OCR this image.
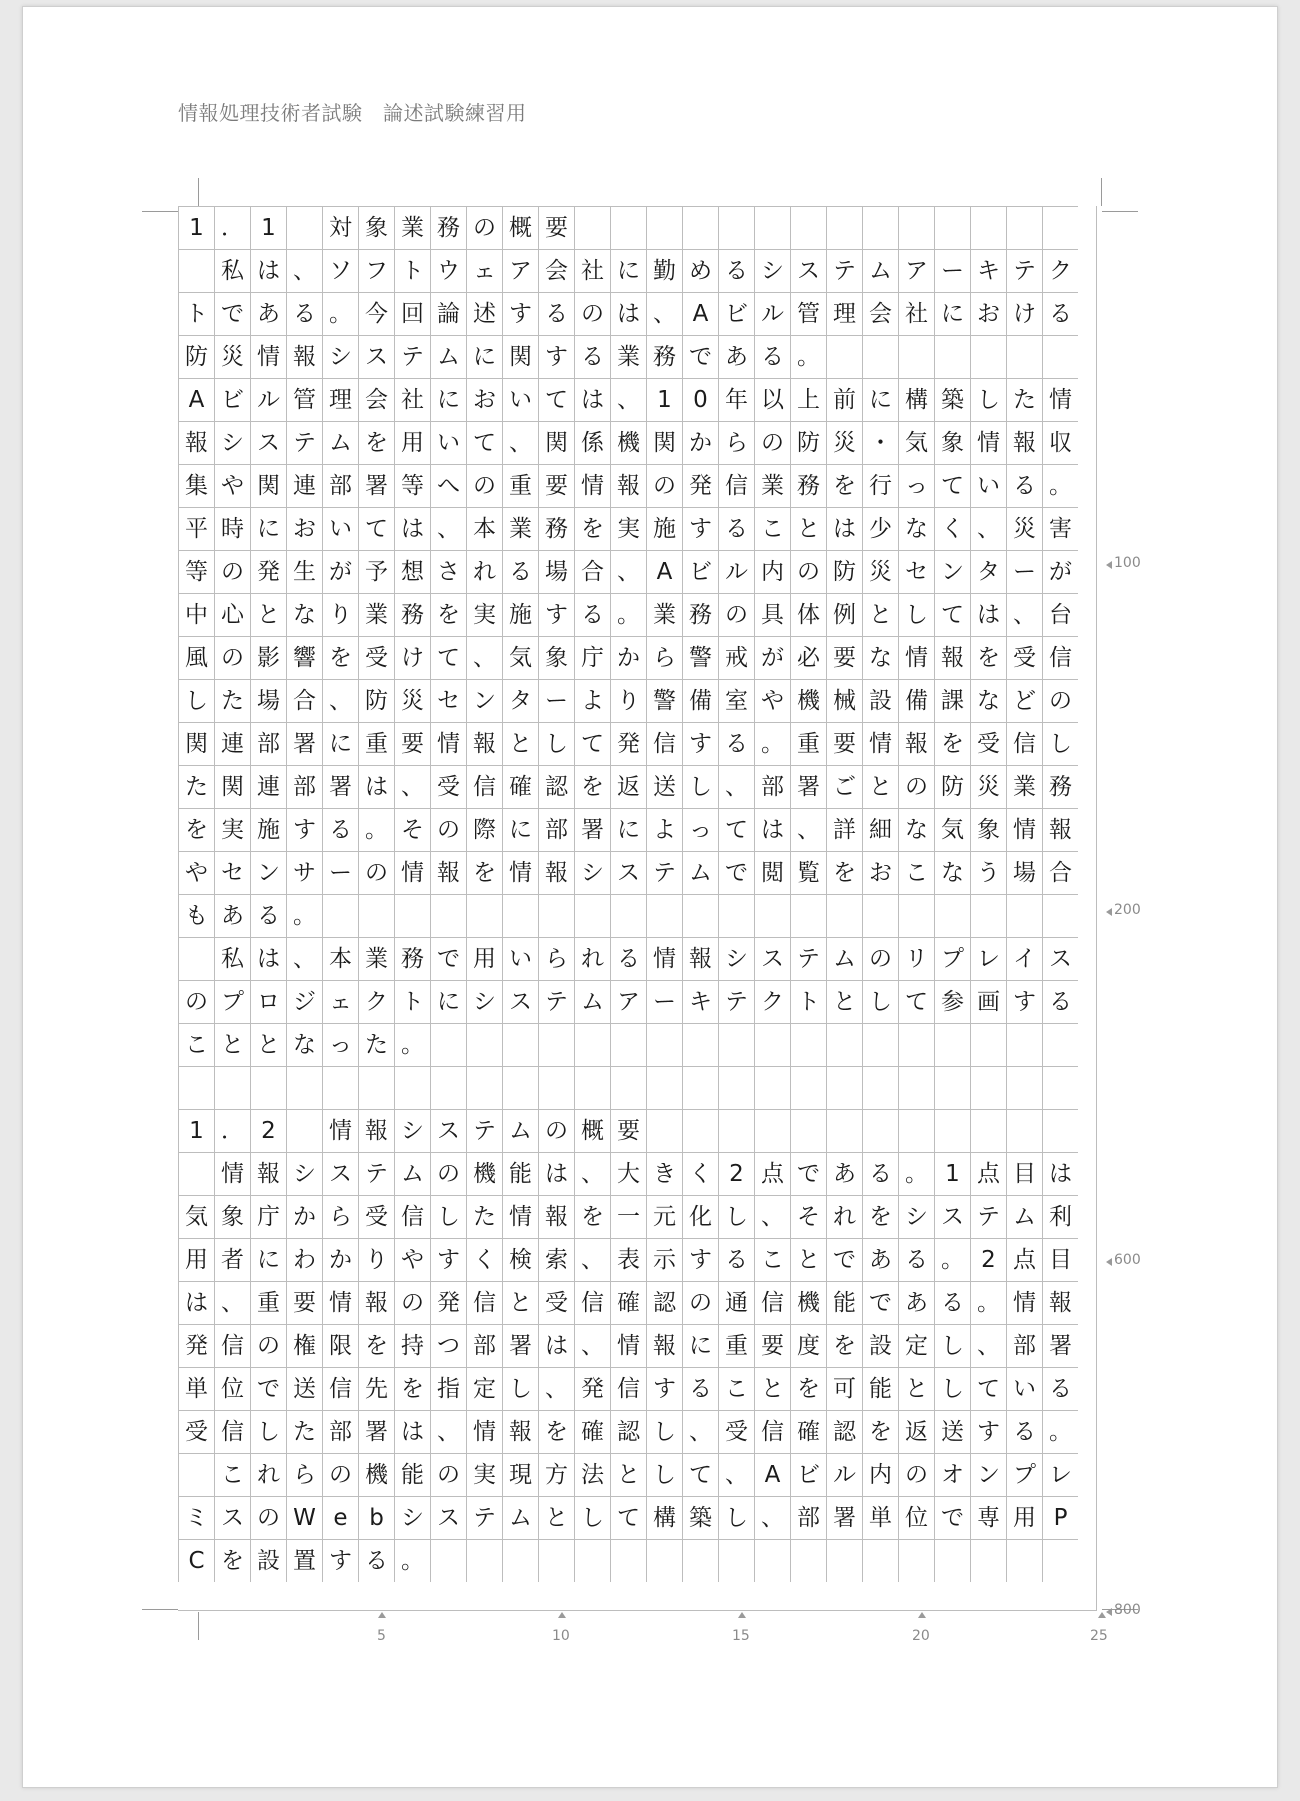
情報処理技術者試験　論述試験練習用
1 ． 1	対 象 業 務 の 概 要
私 は 、 ソ フ ト ウ ェ ア 会 社 に 勤 め る シ ス テ ム ア ー キ テ ク
ト で あ る 。 今 回 論 述 す る の は 、 A ビ ル 管 理 会 社 に お け る
防 災 情 報 シ ス テ ム に 関 す る 業 務 で あ る 。
A ビ ル 管 理 会 社 に お い て は 、 1 0 年 以 上 前 に 構 築 し た 情
報 シ ス テ ム を 用 い て 、 関 係 機 関 か ら の 防 災 ・ 気 象 情 報 収
集 や 関 連 部 署 等 へ の 重 要 情 報 の 発 信 業 務 を 行 っ て い る 。
平 時 に お い て は 、 本 業 務 を 実 施 す る こ と は 少 な く 、 災 害
等 の 発 生 が 予 想 さ れ る 場 合 、 A ビ ル 内 の 防 災 セ ン タ ー が
中 心 と な り 業 務 を 実 施 す る 。 業 務 の 具 体 例 と し て は 、 台
風 の 影 響 を 受 け て 、 気 象 庁 か ら 警 戒 が 必 要 な 情 報 を 受 信
し た 場 合 、 防 災 セ ン タ ー よ り 警 備 室 や 機 械 設 備 課 な ど の
関 連 部 署 に 重 要 情 報 と し て 発 信 す る 。 重 要 情 報 を 受 信 し
た 関 連 部 署 は 、 受 信 確 認 を 返 送 し 、 部 署 ご と の 防 災 業 務
を 実 施 す る 。 そ の 際 に 部 署 に よ っ て は 、 詳 細 な 気 象 情 報
や セ ン サ ー の 情 報 を 情 報 シ ス テ ム で 閲 覧 を お こ な う 場 合
も あ る 。
私 は 、 本 業 務 で 用 い ら れ る 情 報 シ ス テ ム の リ プ レ イ ス
の プ ロ ジ ェ ク ト に シ ス テ ム ア ー キ テ ク ト と し て 参 画 す る
こ と と な っ た 。
1 ． 2	情 報 シ ス テ ム の 概 要
情 報 シ ス テ ム の 機 能 は 、 大 き く 2 点 で あ る 。 1 点 目 は
気 象 庁 か ら 受 信 し た 情 報 を 一 元 化 し 、 そ れ を シ ス テ ム 利
用 者 に わ か り や す く 検 索 、 表 示 す る こ と で あ る 。 2 点 目
は 、 重 要 情 報 の 発 信 と 受 信 確 認 の 通 信 機 能 で あ る 。 情 報
発 信 の 権 限 を 持 つ 部 署 は 、 情 報 に 重 要 度 を 設 定 し 、 部 署
単 位 で 送 信 先 を 指 定 し 、 発 信 す る こ と を 可 能 と し て い る
受 信 し た 部 署 は 、 情 報 を 確 認 し 、 受 信 確 認 を 返 送 す る 。
こ れ ら の 機 能 の 実 現 方 法 と し て 、 A ビ ル 内 の オ ン プ レ
ミ ス の W e b シ ス テ ム と し て 構 築 し 、 部 署 単 位 で 専 用 P
C を 設 置 す る 。
100
200
600
800
5	10	15	20	25
